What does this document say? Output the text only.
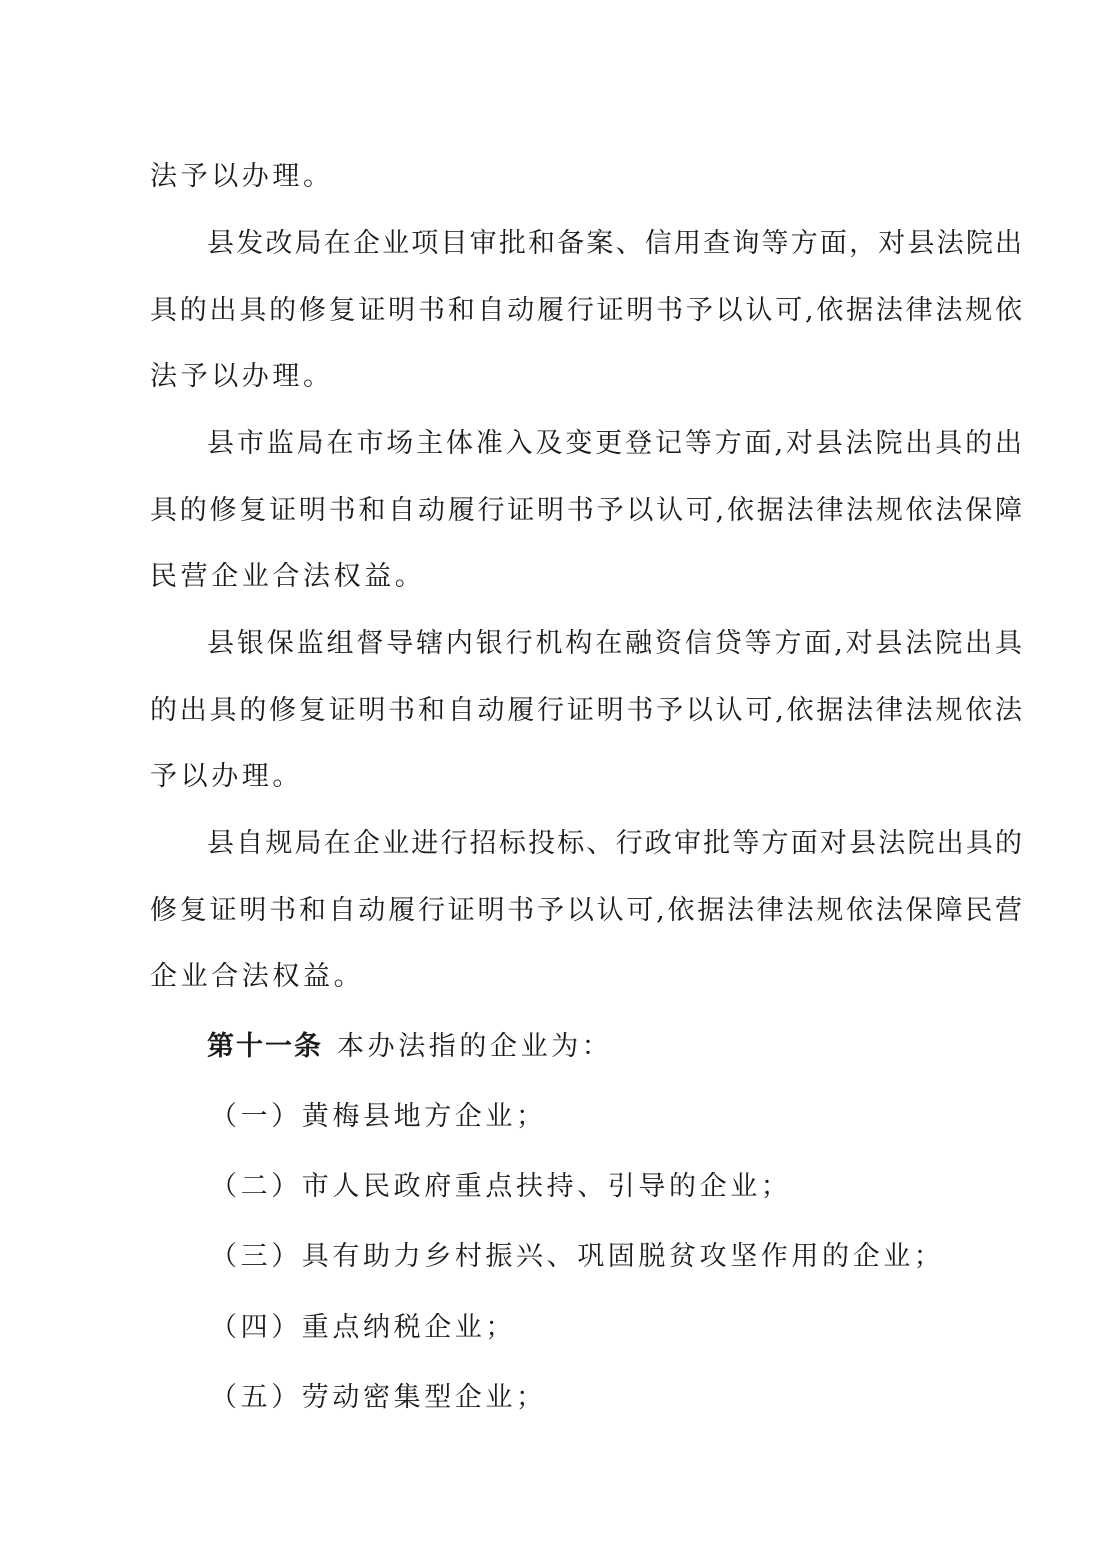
法予以办理。
县发改局在企业项目审批和备案、信用查询等方面，对县法院出
具的出具的修复证明书和自动履行证明书予以认可,依据法律法规依
法予以办理。
县市监局在市场主体准入及变更登记等方面,对县法院出具的出
具的修复证明书和自动履行证明书予以认可,依据法律法规依法保障
民营企业合法权益。
县银保监组督导辖内银行机构在融资信贷等方面,对县法院出具
的出具的修复证明书和自动履行证明书予以认可,依据法律法规依法
予以办理。
县自规局在企业进行招标投标、行政审批等方面对县法院出具的
修复证明书和自动履行证明书予以认可,依据法律法规依法保障民营
企业合法权益。
第十一条 本办法指的企业为：
（一）黄梅县地方企业；
（二）市人民政府重点扶持、引导的企业；
（三）具有助力乡村振兴、巩固脱贫攻坚作用的企业；
（四）重点纳税企业；
（五）劳动密集型企业；
